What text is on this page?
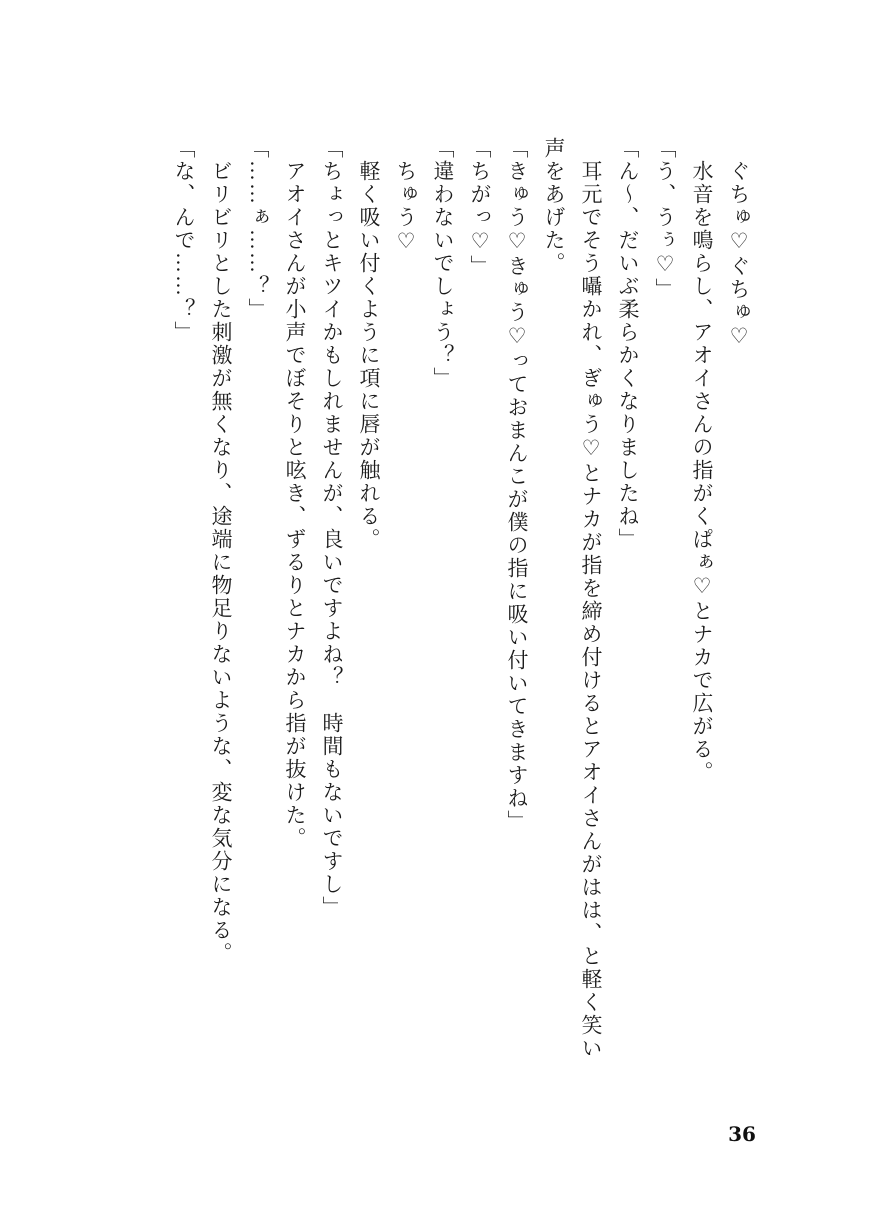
ぐちゅ♡ぐちゅ♡

水音を鳴らし、アオイさんの指がくぱぁ♡とナカで広がる。

「う、うぅ♡」

「ん〜、だいぶ柔らかくなりましたね」

耳元でそう囁かれ、ぎゅう♡とナカが指を締め付けるとアオイさんがはは、と軽く笑い

声をあげた。

「きゅう♡きゅう♡っておまんこが僕の指に吸い付いてきますね」

「ちがっ♡」

「違わないでしょう？」

ちゅう♡

軽く吸い付くように項に唇が触れる。

「ちょっとキツイかもしれませんが、良いですよね？　時間もないですし」

アオイさんが小声でぼそりと呟き、ずるりとナカから指が抜けた。

「……ぁ……？」

ビリビリとした刺激が無くなり、途端に物足りないような、変な気分になる。

「な、んで……？」

36
